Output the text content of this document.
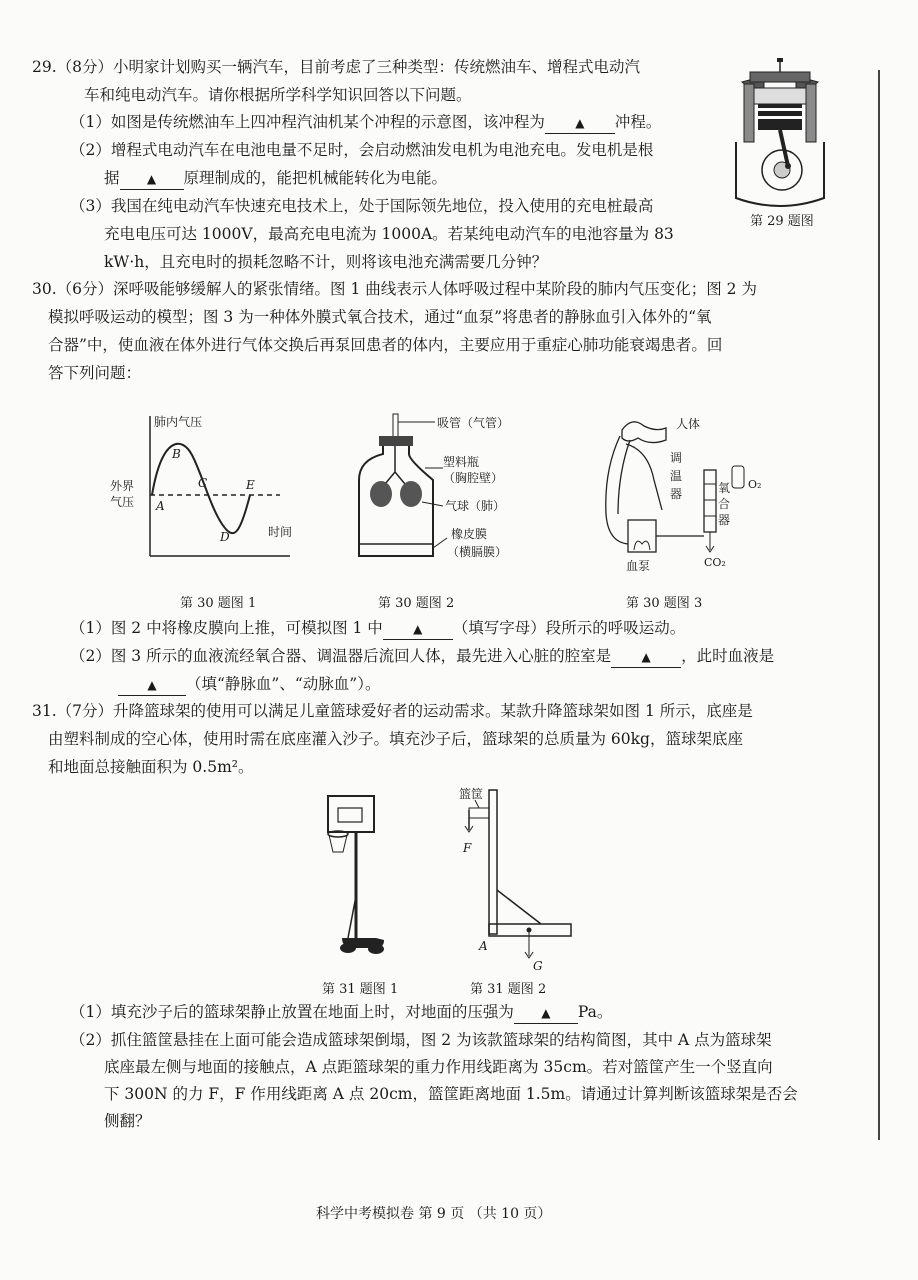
29.（8分）小明家计划购买一辆汽车，目前考虑了三种类型：传统燃油车、增程式电动汽
车和纯电动汽车。请你根据所学科学知识回答以下问题。
（1）如图是传统燃油车上四冲程汽油机某个冲程的示意图，该冲程为	▲ 冲程。
（2）增程式电动汽车在电池电量不足时，会启动燃油发电机为电池充电。发电机是根
据 ▲ 原理制成的，能把机械能转化为电能。
（3）我国在纯电动汽车快速充电技术上，处于国际领先地位，投入使用的充电桩最高
充电电压可达 1000V，最高充电电流为 1000A。若某纯电动汽车的电池容量为 83
kW·h，且充电时的损耗忽略不计，则将该电池充满需要几分钟？
第 29 题图
30.（6分）深呼吸能够缓解人的紧张情绪。图 1 曲线表示人体呼吸过程中某阶段的肺内气压变化；图 2 为
模拟呼吸运动的模型；图 3 为一种体外膜式氧合技术，通过“血泵”将患者的静脉血引入体外的“氧
合器”中，使血液在体外进行气体交换后再泵回患者的体内，主要应用于重症心肺功能衰竭患者。回
答下列问题：
肺内气压
外界
气压 A
B
C
D
E
时间
第 30 题图 1
吸管（气管）
塑料瓶
（胸腔壁）
气球（肺）
橡皮膜
（横膈膜）
第 30 题图 2
人体
血泵
调
温
器	氧
合
器
O₂
CO₂
第 30 题图 3
（1）图 2 中将橡皮膜向上推，可模拟图 1 中	▲ （填写字母）段所示的呼吸运动。
（2）图 3 所示的血液流经氧合器、调温器后流回人体，最先进入心脏的腔室是	▲ ，此时血液是
▲ （填“静脉血”、“动脉血”）。
31.（7分）升降篮球架的使用可以满足儿童篮球爱好者的运动需求。某款升降篮球架如图 1 所示，底座是
由塑料制成的空心体，使用时需在底座灌入沙子。填充沙子后，篮球架的总质量为 60kg，篮球架底座
和地面总接触面积为 0.5m²。
第 31 题图 1
篮筐
F
G
A
第 31 题图 2
（1）填充沙子后的篮球架静止放置在地面上时，对地面的压强为 ▲ Pa。
（2）抓住篮筐悬挂在上面可能会造成篮球架倒塌，图 2 为该款篮球架的结构简图，其中 A 点为篮球架
底座最左侧与地面的接触点，A 点距篮球架的重力作用线距离为 35cm。若对篮筐产生一个竖直向
下 300N 的力 F，F 作用线距离 A 点 20cm，篮筐距离地面 1.5m。请通过计算判断该篮球架是否会
侧翻？
科学中考模拟卷 第 9 页 （共 10 页）
